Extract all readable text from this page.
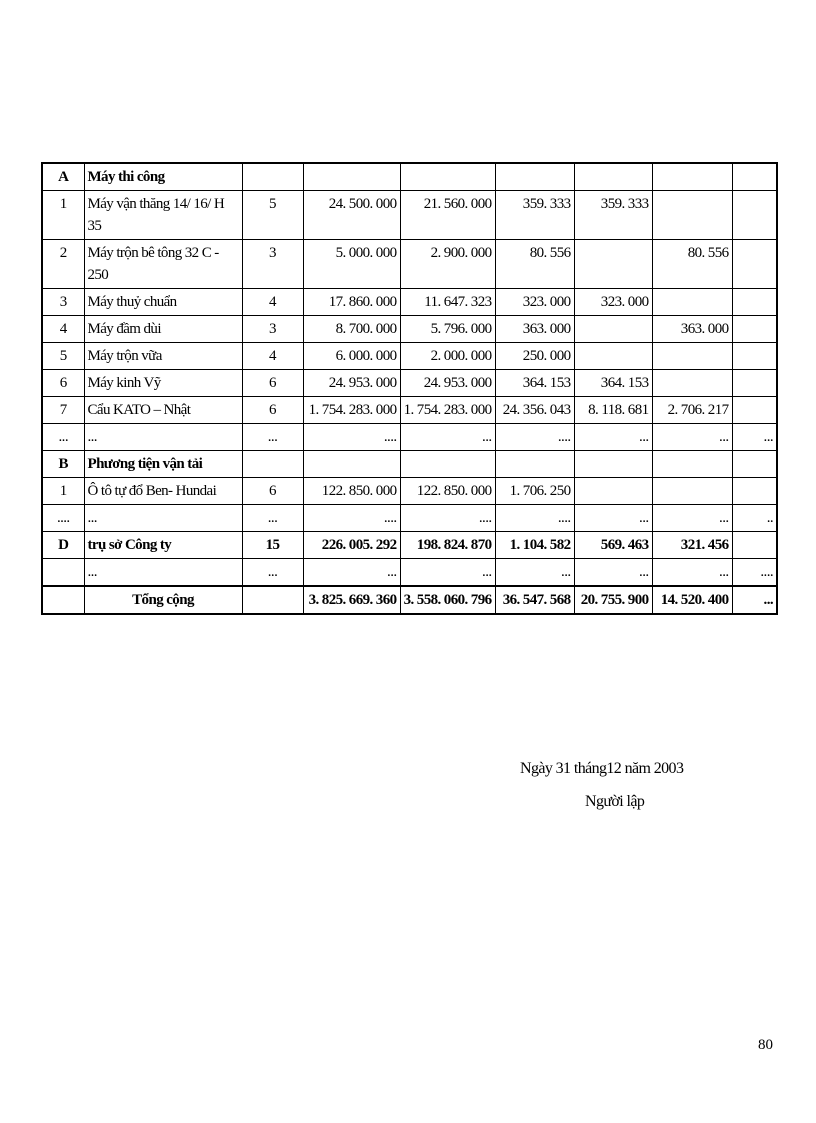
A	Máy thi công							
1	Máy vận thăng 14/ 16/ H 35	5	24. 500. 000	21. 560. 000	359. 333	359. 333		
2	Máy trộn bê tông 32 C - 250	3	5. 000. 000	2. 900. 000	80. 556		80. 556	
3	Máy thuỷ chuẩn	4	17. 860. 000	11. 647. 323	323. 000	323. 000		
4	Máy đầm dùi	3	8. 700. 000	5. 796. 000	363. 000		363. 000	
5	Máy trộn vữa	4	6. 000. 000	2. 000. 000	250. 000			
6	Máy kinh Vỹ	6	24. 953. 000	24. 953. 000	364. 153	364. 153		
7	Cẩu KATO – Nhật	6	1. 754. 283. 000	1. 754. 283. 000	24. 356. 043	8. 118. 681	2. 706. 217	
...	...	...	....	...	....	...	...	...
B	Phương tiện vận tải							
1	Ô tô tự đổ Ben- Hundai	6	122. 850. 000	122. 850. 000	1. 706. 250			
....	...	...	....	....	....	...	...	..
D	trụ sở Công ty	15	226. 005. 292	198. 824. 870	1. 104. 582	569. 463	321. 456	
	...	...	...	...	...	...	...	....
	Tổng cộng		3. 825. 669. 360	3. 558. 060. 796	36. 547. 568	20. 755. 900	14. 520. 400	...
Ngày 31 tháng12 năm 2003
Người lập
80
